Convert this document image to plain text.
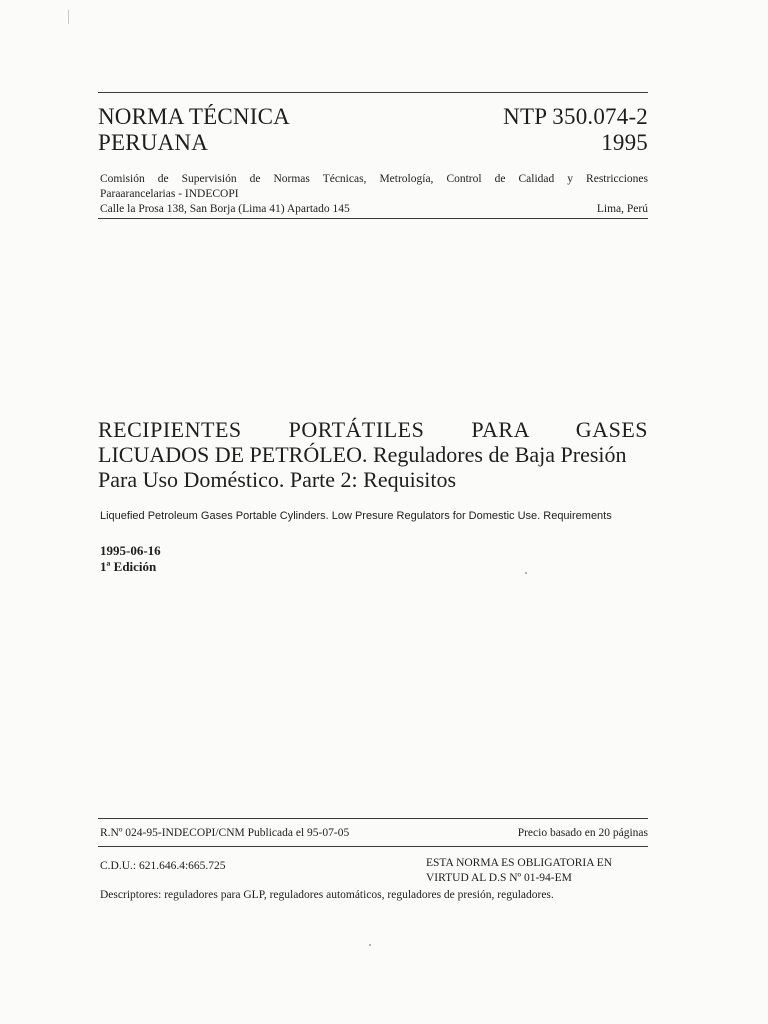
NORMA TÉCNICA
PERUANA
NTP 350.074-2
1995
Comisión de Supervisión de Normas Técnicas, Metrología, Control de Calidad y Restricciones
Paraarancelarias - INDECOPI
Calle la Prosa 138, San Borja (Lima 41) Apartado 145	Lima, Perú
RECIPIENTES PORTÁTILES PARA GASES
LICUADOS DE PETRÓLEO. Reguladores de Baja Presión
Para Uso Doméstico. Parte 2: Requisitos
Liquefied Petroleum Gases Portable Cylinders. Low Presure Regulators for Domestic Use. Requirements
1995-06-16
1ª Edición
R.Nº 024-95-INDECOPI/CNM Publicada el 95-07-05	Precio basado en 20 páginas
C.D.U.: 621.646.4:665.725	ESTA NORMA ES OBLIGATORIA EN
VIRTUD AL D.S Nº 01-94-EM
Descriptores: reguladores para GLP, reguladores automáticos, reguladores de presión, reguladores.
